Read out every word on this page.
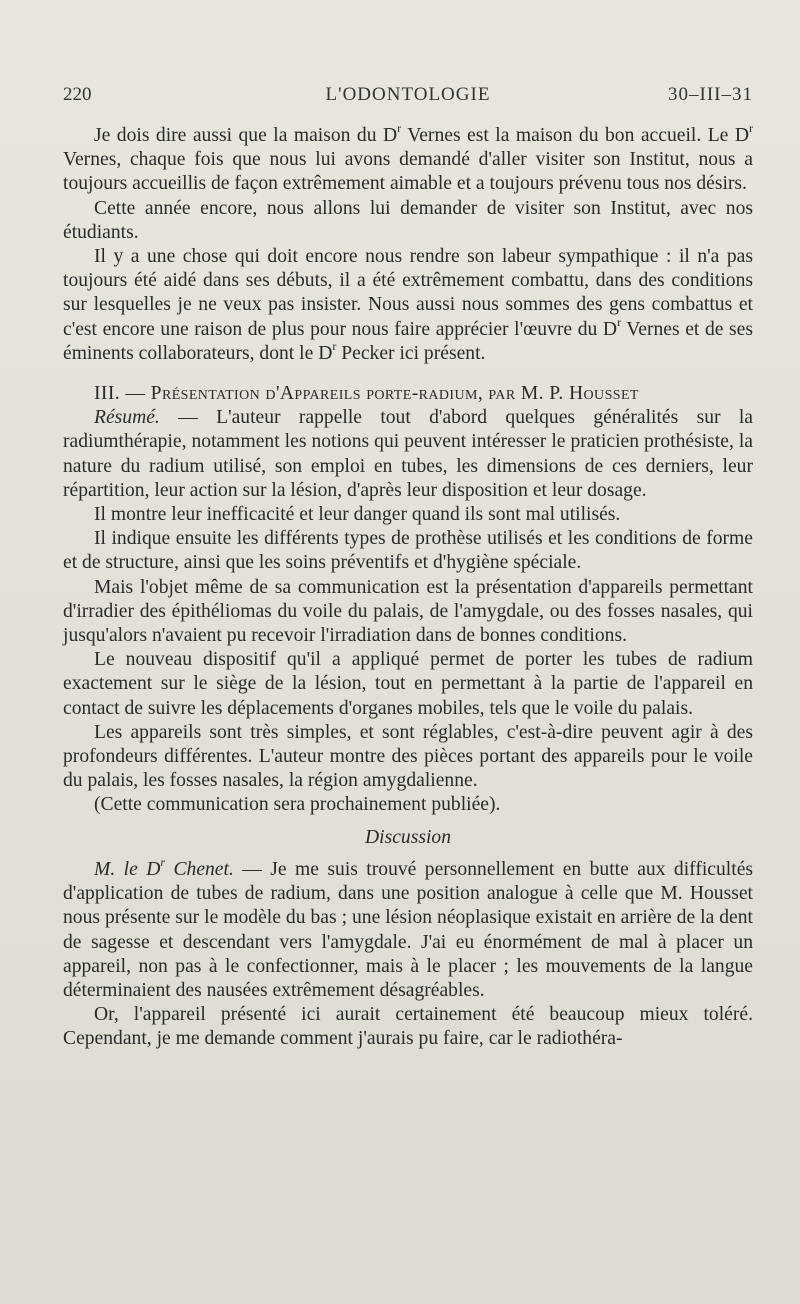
220	L'ODONTOLOGIE	30–III–31

Je dois dire aussi que la maison du $D^r$ Vernes est la maison du bon accueil. Le $D^r$ Vernes, chaque fois que nous lui avons demandé d'aller visiter son Institut, nous a toujours accueillis de façon extrêmement aimable et a toujours prévenu tous nos désirs.

Cette année encore, nous allons lui demander de visiter son Institut, avec nos étudiants.

Il y a une chose qui doit encore nous rendre son labeur sympathique : il n'a pas toujours été aidé dans ses débuts, il a été extrêmement combattu, dans des conditions sur lesquelles je ne veux pas insister. Nous aussi nous sommes des gens combattus et c'est encore une raison de plus pour nous faire apprécier l'œuvre du $D^r$ Vernes et de ses éminents collaborateurs, dont le $D^r$ Pecker ici présent.

III. — Présentation d'Appareils porte-radium, par M. P. Housset

Résumé. — L'auteur rappelle tout d'abord quelques généralités sur la radiumthérapie, notamment les notions qui peuvent intéresser le praticien prothésiste, la nature du radium utilisé, son emploi en tubes, les dimensions de ces derniers, leur répartition, leur action sur la lésion, d'après leur disposition et leur dosage.

Il montre leur inefficacité et leur danger quand ils sont mal utilisés.

Il indique ensuite les différents types de prothèse utilisés et les conditions de forme et de structure, ainsi que les soins préventifs et d'hygiène spéciale.

Mais l'objet même de sa communication est la présentation d'appareils permettant d'irradier des épithéliomas du voile du palais, de l'amygdale, ou des fosses nasales, qui jusqu'alors n'avaient pu recevoir l'irradiation dans de bonnes conditions.

Le nouveau dispositif qu'il a appliqué permet de porter les tubes de radium exactement sur le siège de la lésion, tout en permettant à la partie de l'appareil en contact de suivre les déplacements d'organes mobiles, tels que le voile du palais.

Les appareils sont très simples, et sont réglables, c'est-à-dire peuvent agir à des profondeurs différentes. L'auteur montre des pièces portant des appareils pour le voile du palais, les fosses nasales, la région amygdalienne.

(Cette communication sera prochainement publiée).

Discussion

M. le $D^r$ Chenet. — Je me suis trouvé personnellement en butte aux difficultés d'application de tubes de radium, dans une position analogue à celle que M. Housset nous présente sur le modèle du bas ; une lésion néoplasique existait en arrière de la dent de sagesse et descendant vers l'amygdale. J'ai eu énormément de mal à placer un appareil, non pas à le confectionner, mais à le placer ; les mouvements de la langue déterminaient des nausées extrêmement désagréables.

Or, l'appareil présenté ici aurait certainement été beaucoup mieux toléré. Cependant, je me demande comment j'aurais pu faire, car le radiothéra-
